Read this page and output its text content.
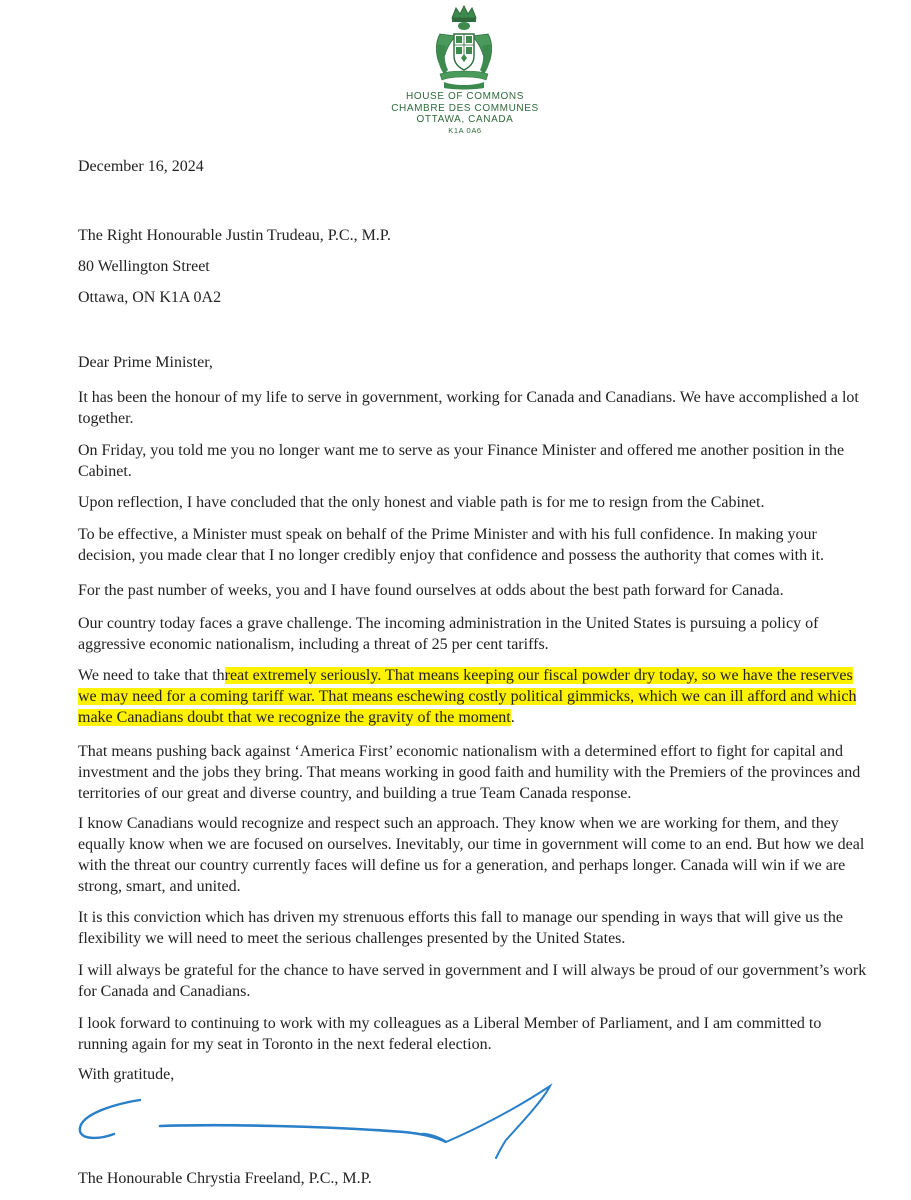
HOUSE OF COMMONS
CHAMBRE DES COMMUNES
OTTAWA, CANADA
K1A 0A6

December 16, 2024

The Right Honourable Justin Trudeau, P.C., M.P.

80 Wellington Street

Ottawa, ON K1A 0A2

Dear Prime Minister,

It has been the honour of my life to serve in government, working for Canada and Canadians. We have accomplished a lot together.

On Friday, you told me you no longer want me to serve as your Finance Minister and offered me another position in the Cabinet.

Upon reflection, I have concluded that the only honest and viable path is for me to resign from the Cabinet.

To be effective, a Minister must speak on behalf of the Prime Minister and with his full confidence. In making your decision, you made clear that I no longer credibly enjoy that confidence and possess the authority that comes with it.

For the past number of weeks, you and I have found ourselves at odds about the best path forward for Canada.

Our country today faces a grave challenge. The incoming administration in the United States is pursuing a policy of aggressive economic nationalism, including a threat of 25 per cent tariffs.

We need to take that threat extremely seriously. That means keeping our fiscal powder dry today, so we have the reserves we may need for a coming tariff war. That means eschewing costly political gimmicks, which we can ill afford and which make Canadians doubt that we recognize the gravity of the moment.

That means pushing back against ‘America First’ economic nationalism with a determined effort to fight for capital and investment and the jobs they bring. That means working in good faith and humility with the Premiers of the provinces and territories of our great and diverse country, and building a true Team Canada response.

I know Canadians would recognize and respect such an approach. They know when we are working for them, and they equally know when we are focused on ourselves. Inevitably, our time in government will come to an end. But how we deal with the threat our country currently faces will define us for a generation, and perhaps longer. Canada will win if we are strong, smart, and united.

It is this conviction which has driven my strenuous efforts this fall to manage our spending in ways that will give us the flexibility we will need to meet the serious challenges presented by the United States.

I will always be grateful for the chance to have served in government and I will always be proud of our government’s work for Canada and Canadians.

I look forward to continuing to work with my colleagues as a Liberal Member of Parliament, and I am committed to running again for my seat in Toronto in the next federal election.

With gratitude,

The Honourable Chrystia Freeland, P.C., M.P.
